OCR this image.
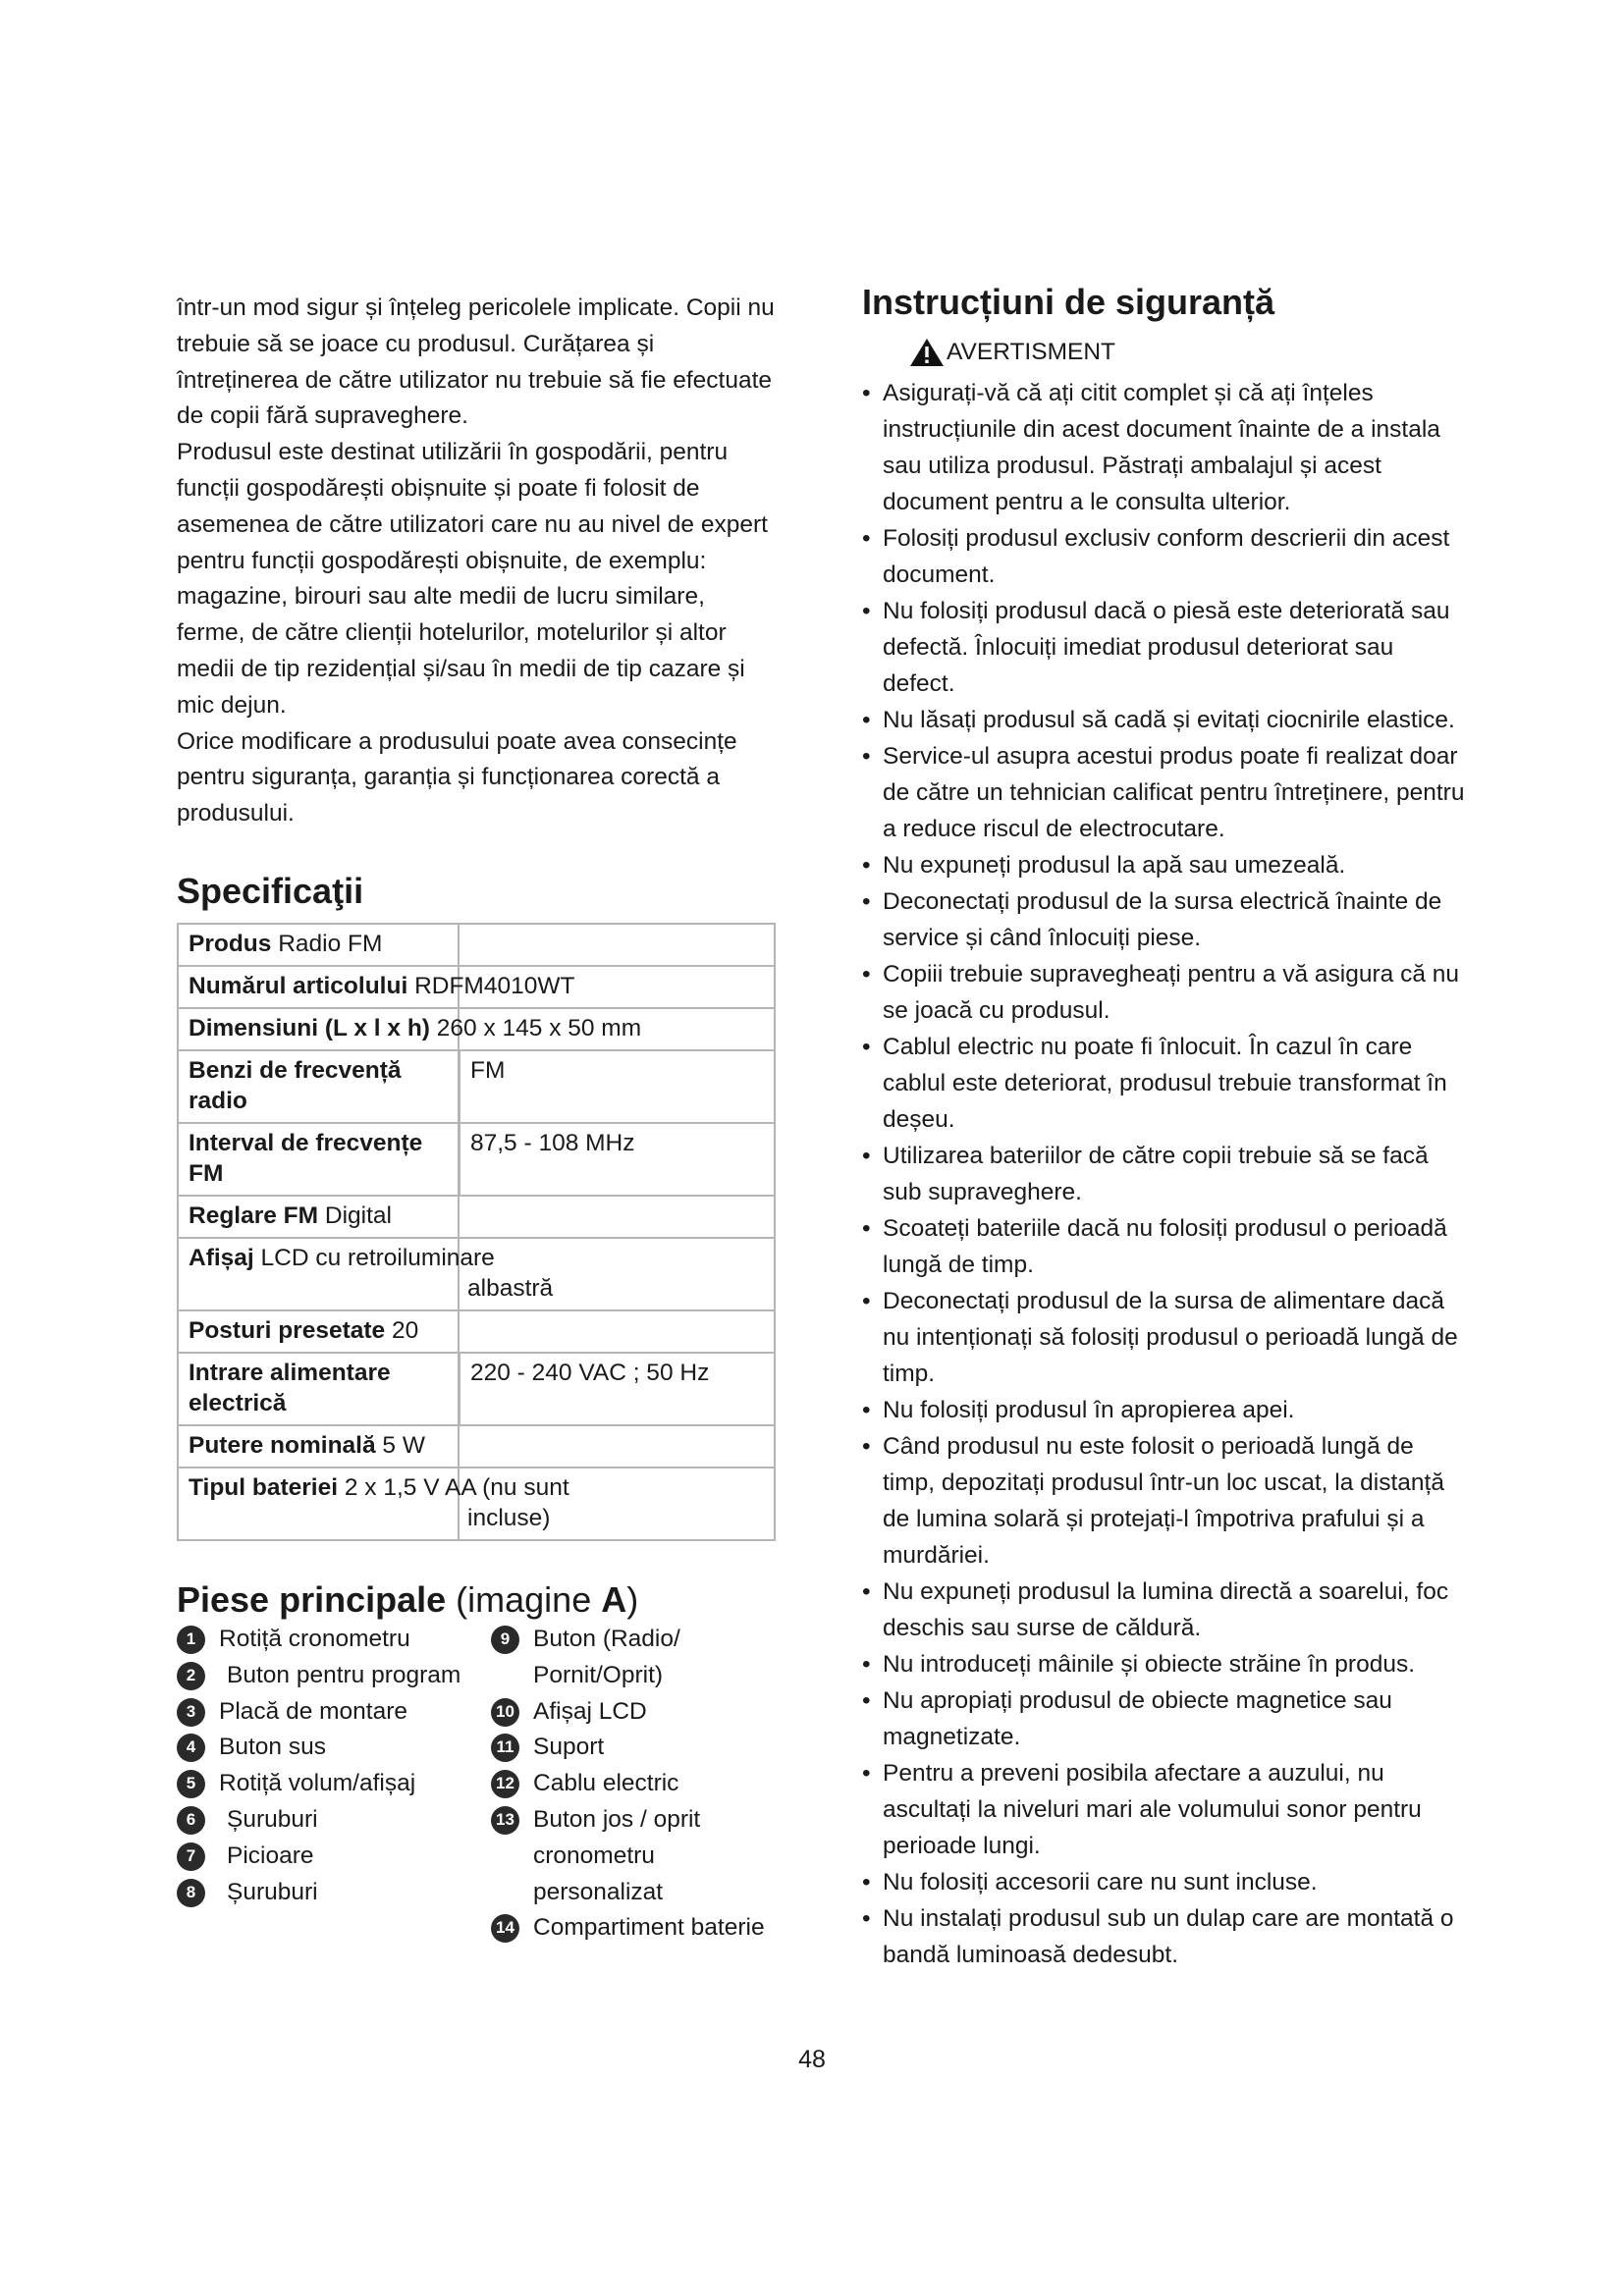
într-un mod sigur și înțeleg pericolele implicate. Copii nu trebuie să se joace cu produsul. Curățarea și întreținerea de către utilizator nu trebuie să fie efectuate de copii fără supraveghere.

Produsul este destinat utilizării în gospodării, pentru funcții gospodărești obișnuite și poate fi folosit de asemenea de către utilizatori care nu au nivel de expert pentru funcții gospodărești obișnuite, de exemplu: magazine, birouri sau alte medii de lucru similare, ferme, de către clienții hotelurilor, motelurilor și altor medii de tip rezidențial și/sau în medii de tip cazare și mic dejun.

Orice modificare a produsului poate avea consecințe pentru siguranța, garanția și funcționarea corectă a produsului.

Specificaţii
Produs Radio FM	
Numărul articolului RDFM4010WT	
Dimensiuni (L x l x h) 260 x 145 x 50 mm	
Benzi de frecvență radio	FM
Interval de frecvențe FM	87,5 - 108 MHz
Reglare FM Digital	
Afișaj LCD cu retroiluminare
albastră	

Posturi presetate 20	
Intrare alimentare electrică	220 - 240 VAC ; 50 Hz
Putere nominală 5 W	
Tipul bateriei 2 x 1,5 V AA (nu sunt
incluse)	
Piese principale (imagine A)
1 Rotiță cronometru
2	Buton pentru program
3 Placă de montare
4 Buton sus
5 Rotiță volum/afișaj
6	Șuruburi
7	Picioare
8	Șuruburi
9 Buton (Radio/ Pornit/Oprit)
10 Afișaj LCD
11 Suport
12 Cablu electric
13 Buton jos / oprit cronometru personalizat
14 Compartiment baterie
Instrucțiuni de siguranță
AVERTISMENT
• Asigurați-vă că ați citit complet și că ați înțeles instrucțiunile din acest document înainte de a instala sau utiliza produsul. Păstrați ambalajul și acest document pentru a le consulta ulterior.
• Folosiți produsul exclusiv conform descrierii din acest document.
• Nu folosiți produsul dacă o piesă este deteriorată sau defectă. Înlocuiți imediat produsul deteriorat sau defect.
• Nu lăsați produsul să cadă și evitați ciocnirile elastice.
• Service-ul asupra acestui produs poate fi realizat doar de către un tehnician calificat pentru întreținere, pentru a reduce riscul de electrocutare.
• Nu expuneți produsul la apă sau umezeală.
• Deconectați produsul de la sursa electrică înainte de service și când înlocuiți piese.
• Copiii trebuie supravegheați pentru a vă asigura că nu se joacă cu produsul.
• Cablul electric nu poate fi înlocuit. În cazul în care cablul este deteriorat, produsul trebuie transformat în deșeu.
• Utilizarea bateriilor de către copii trebuie să se facă sub supraveghere.
• Scoateți bateriile dacă nu folosiți produsul o perioadă lungă de timp.
• Deconectați produsul de la sursa de alimentare dacă nu intenționați să folosiți produsul o perioadă lungă de timp.
• Nu folosiți produsul în apropierea apei.
• Când produsul nu este folosit o perioadă lungă de timp, depozitați produsul într-un loc uscat, la distanță de lumina solară și protejați-l împotriva prafului și a murdăriei.
• Nu expuneți produsul la lumina directă a soarelui, foc deschis sau surse de căldură.
• Nu introduceți mâinile și obiecte străine în produs.
• Nu apropiați produsul de obiecte magnetice sau magnetizate.
• Pentru a preveni posibila afectare a auzului, nu ascultați la niveluri mari ale volumului sonor pentru perioade lungi.
• Nu folosiți accesorii care nu sunt incluse.
• Nu instalați produsul sub un dulap care are montată o bandă luminoasă dedesubt.
48
